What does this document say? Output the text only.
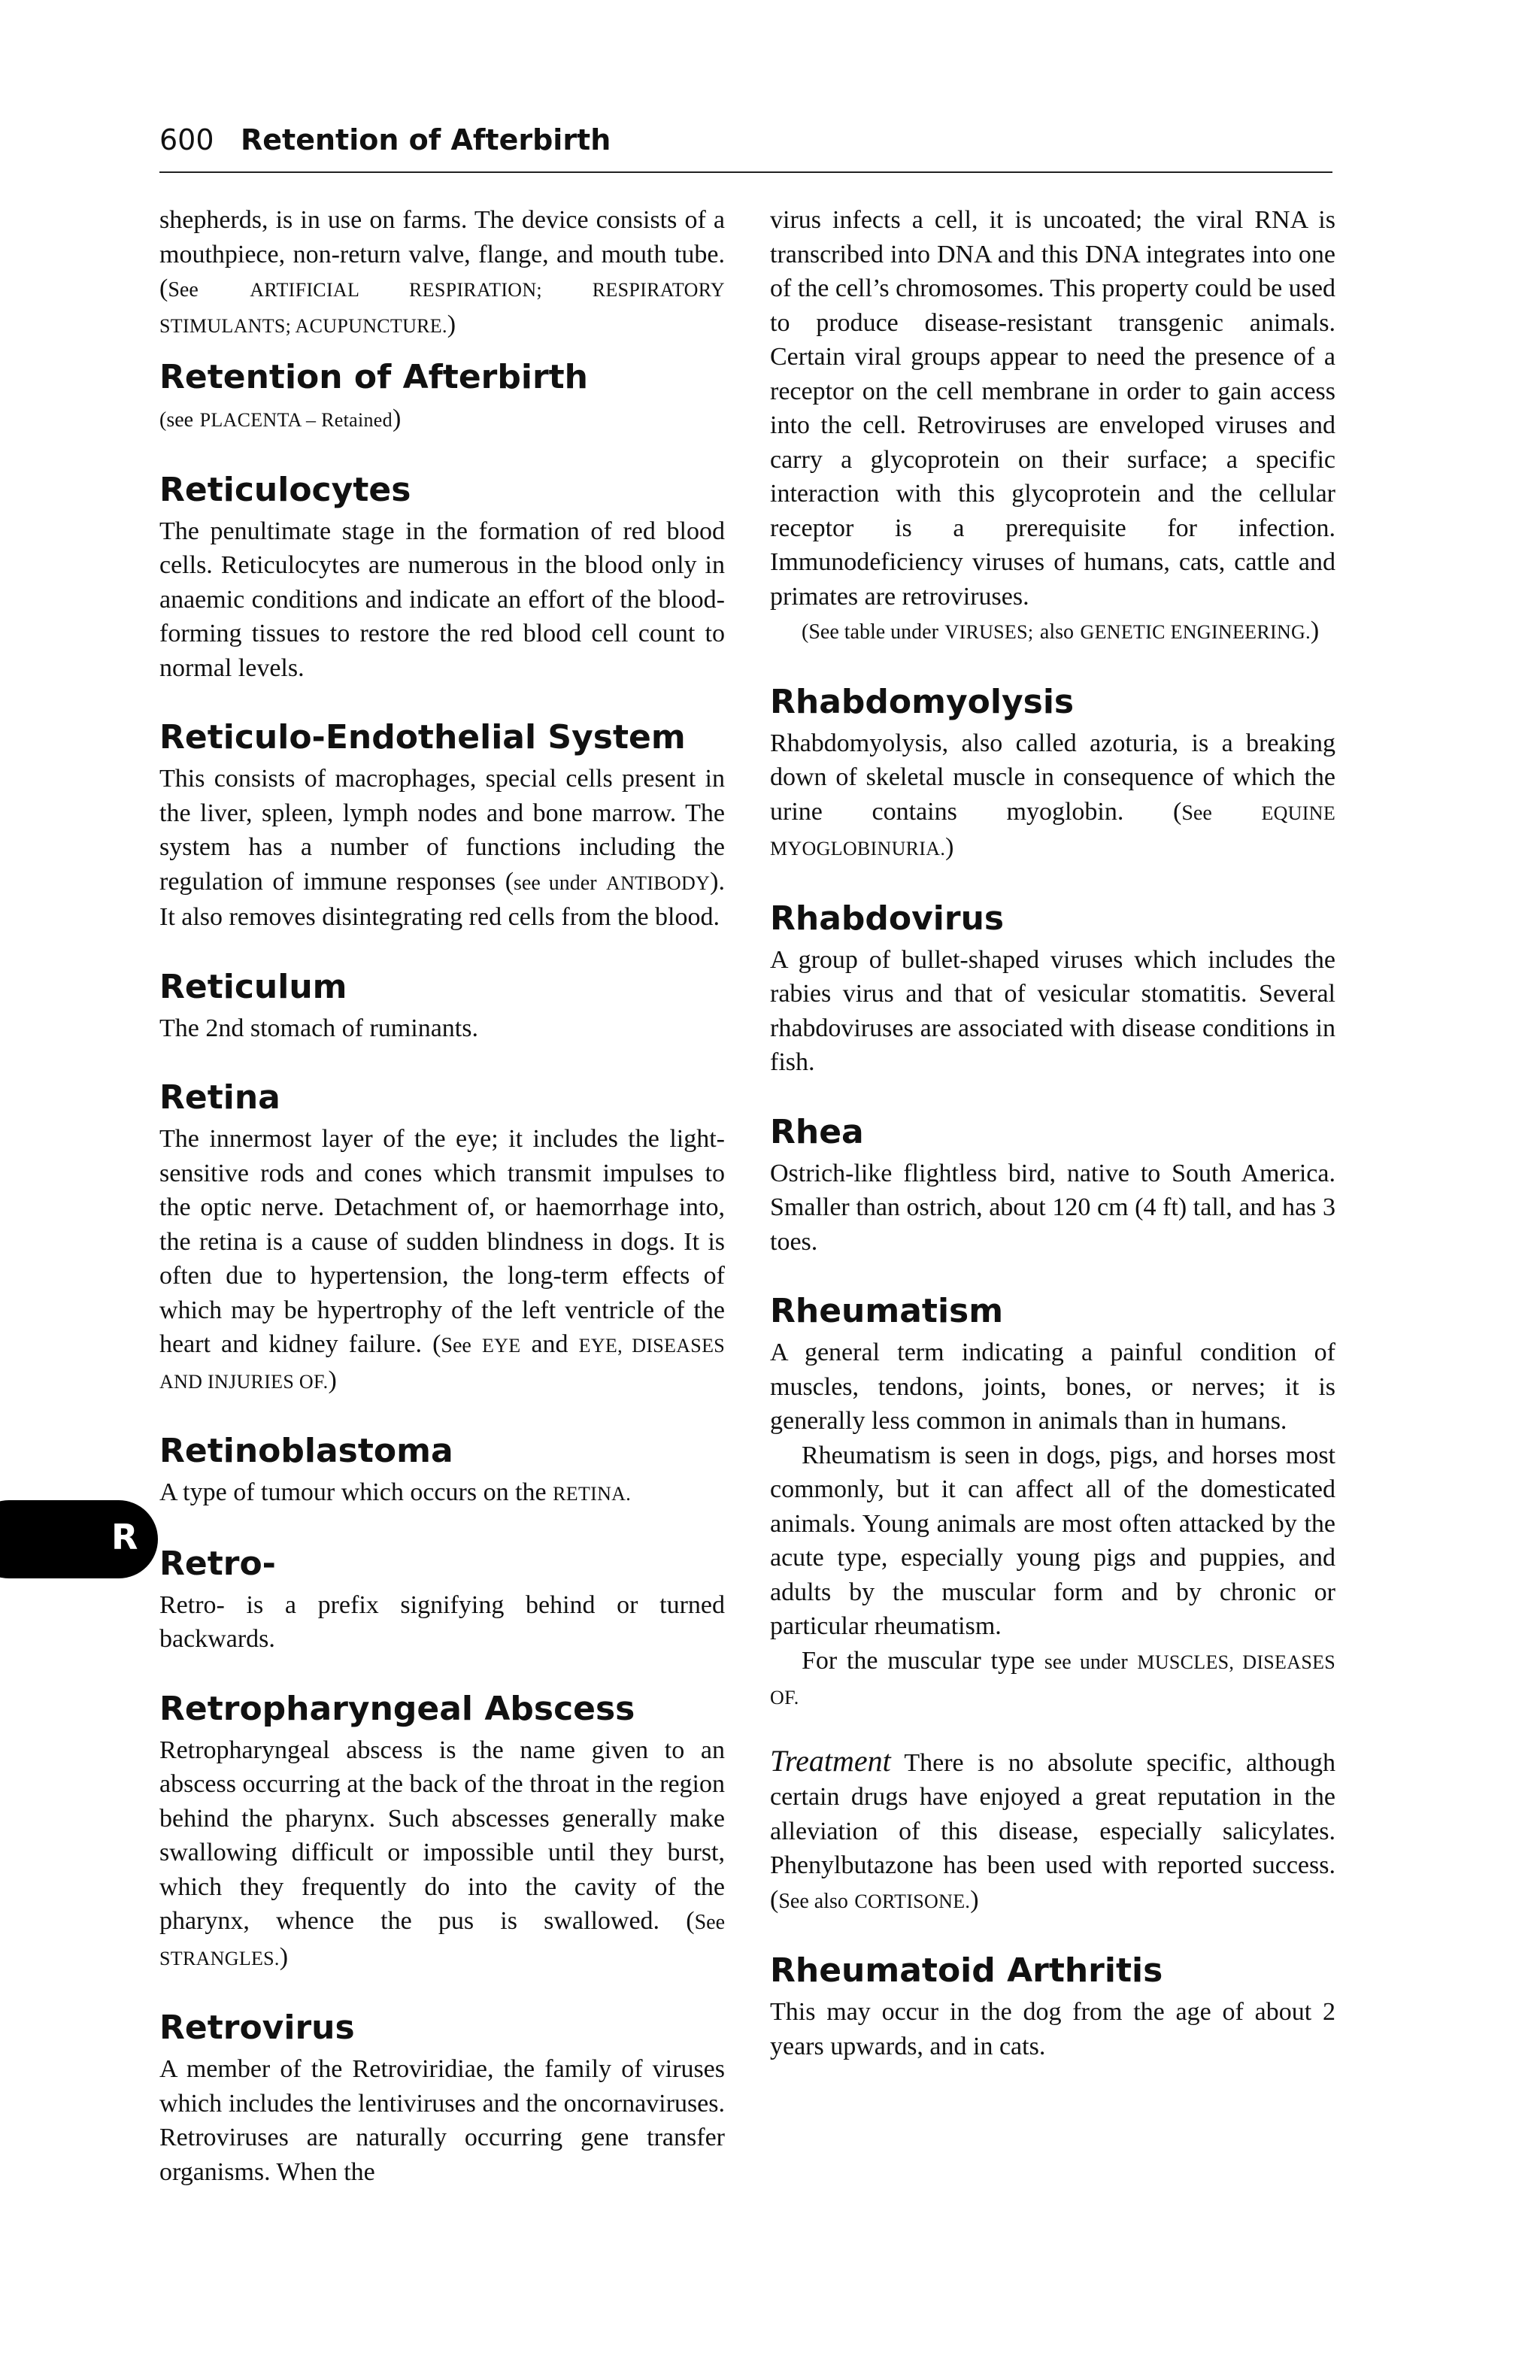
600 Retention of Afterbirth
R

shepherds, is in use on farms. The device consists of a mouthpiece, non-return valve, flange, and mouth tube. (See	ARTIFICIAL RESPIRATION; RESPIRATORY STIMULANTS; ACUPUNCTURE.)

Retention of Afterbirth

(see PLACENTA – Retained)

Reticulocytes

The penultimate stage in the formation of red blood cells. Reticulocytes are numerous in the blood only in anaemic conditions and indicate an effort of the blood-forming tissues to restore the red blood cell count to normal levels.

Reticulo-Endothelial System

This consists of macrophages, special cells present in the liver, spleen, lymph nodes and bone marrow. The system has a number of functions including the regulation of immune responses (see under ANTIBODY). It also removes disintegrating red cells from the blood.

Reticulum

The 2nd stomach of ruminants.

Retina

The innermost layer of the eye; it includes the light-sensitive rods and cones which transmit impulses to the optic nerve. Detachment of, or haemorrhage into, the retina is a cause of sudden blindness in dogs. It is often due to hypertension, the long-term effects of which may be hypertrophy of the left ventricle of the heart and kidney failure. (See EYE and EYE, DISEASES AND INJURIES OF.)

Retinoblastoma

A type of tumour which occurs on the RETINA.

Retro-

Retro- is a prefix signifying behind or turned backwards.

Retropharyngeal Abscess

Retropharyngeal abscess is the name given to an abscess occurring at the back of the throat in the region behind the pharynx. Such abscesses generally make swallowing difficult or impossible until they burst, which they frequently do into the cavity of the pharynx, whence the pus is swallowed. (See STRANGLES.)

Retrovirus

A member of the Retroviridiae, the family of viruses which includes the lentiviruses and the oncornaviruses. Retroviruses are naturally occurring gene transfer organisms. When the

virus infects a cell, it is uncoated; the viral RNA is transcribed into DNA and this DNA integrates into one of the cell’s chromosomes. This property could be used to produce disease-resistant transgenic animals. Certain viral groups appear to need the presence of a receptor on the cell membrane in order to gain access into the cell. Retroviruses are enveloped viruses and carry a glycoprotein on their surface; a specific interaction with this glycoprotein and the cellular receptor is a prerequisite for infection. Immunodeficiency viruses of humans, cats, cattle and primates are retroviruses.

(See table under VIRUSES; also GENETIC ENGINEERING.)

Rhabdomyolysis

Rhabdomyolysis, also called azoturia, is a breaking down of skeletal muscle in consequence of which the urine contains myoglobin. (See	EQUINE MYOGLOBINURIA.)

Rhabdovirus

A group of bullet-shaped viruses which includes the rabies virus and that of vesicular stomatitis. Several rhabdoviruses are associated with disease conditions in fish.

Rhea

Ostrich-like flightless bird, native to South America. Smaller than ostrich, about 120 cm (4 ft) tall, and has 3 toes.

Rheumatism

A general term indicating a painful condition of muscles, tendons, joints, bones, or nerves; it is generally less common in animals than in humans.

Rheumatism is seen in dogs, pigs, and horses most commonly, but it can affect all of the domesticated animals. Young animals are most often attacked by the acute type, especially young pigs and puppies, and adults by the muscular form and by chronic or particular rheumatism.

For the muscular type see under MUSCLES, DISEASES OF.

Treatment There is no absolute specific, although certain drugs have enjoyed a great reputation in the alleviation of this disease, especially salicylates. Phenylbutazone has been used with reported success. (See also CORTISONE.)

Rheumatoid Arthritis

This may occur in the dog from the age of about 2 years upwards, and in cats.
